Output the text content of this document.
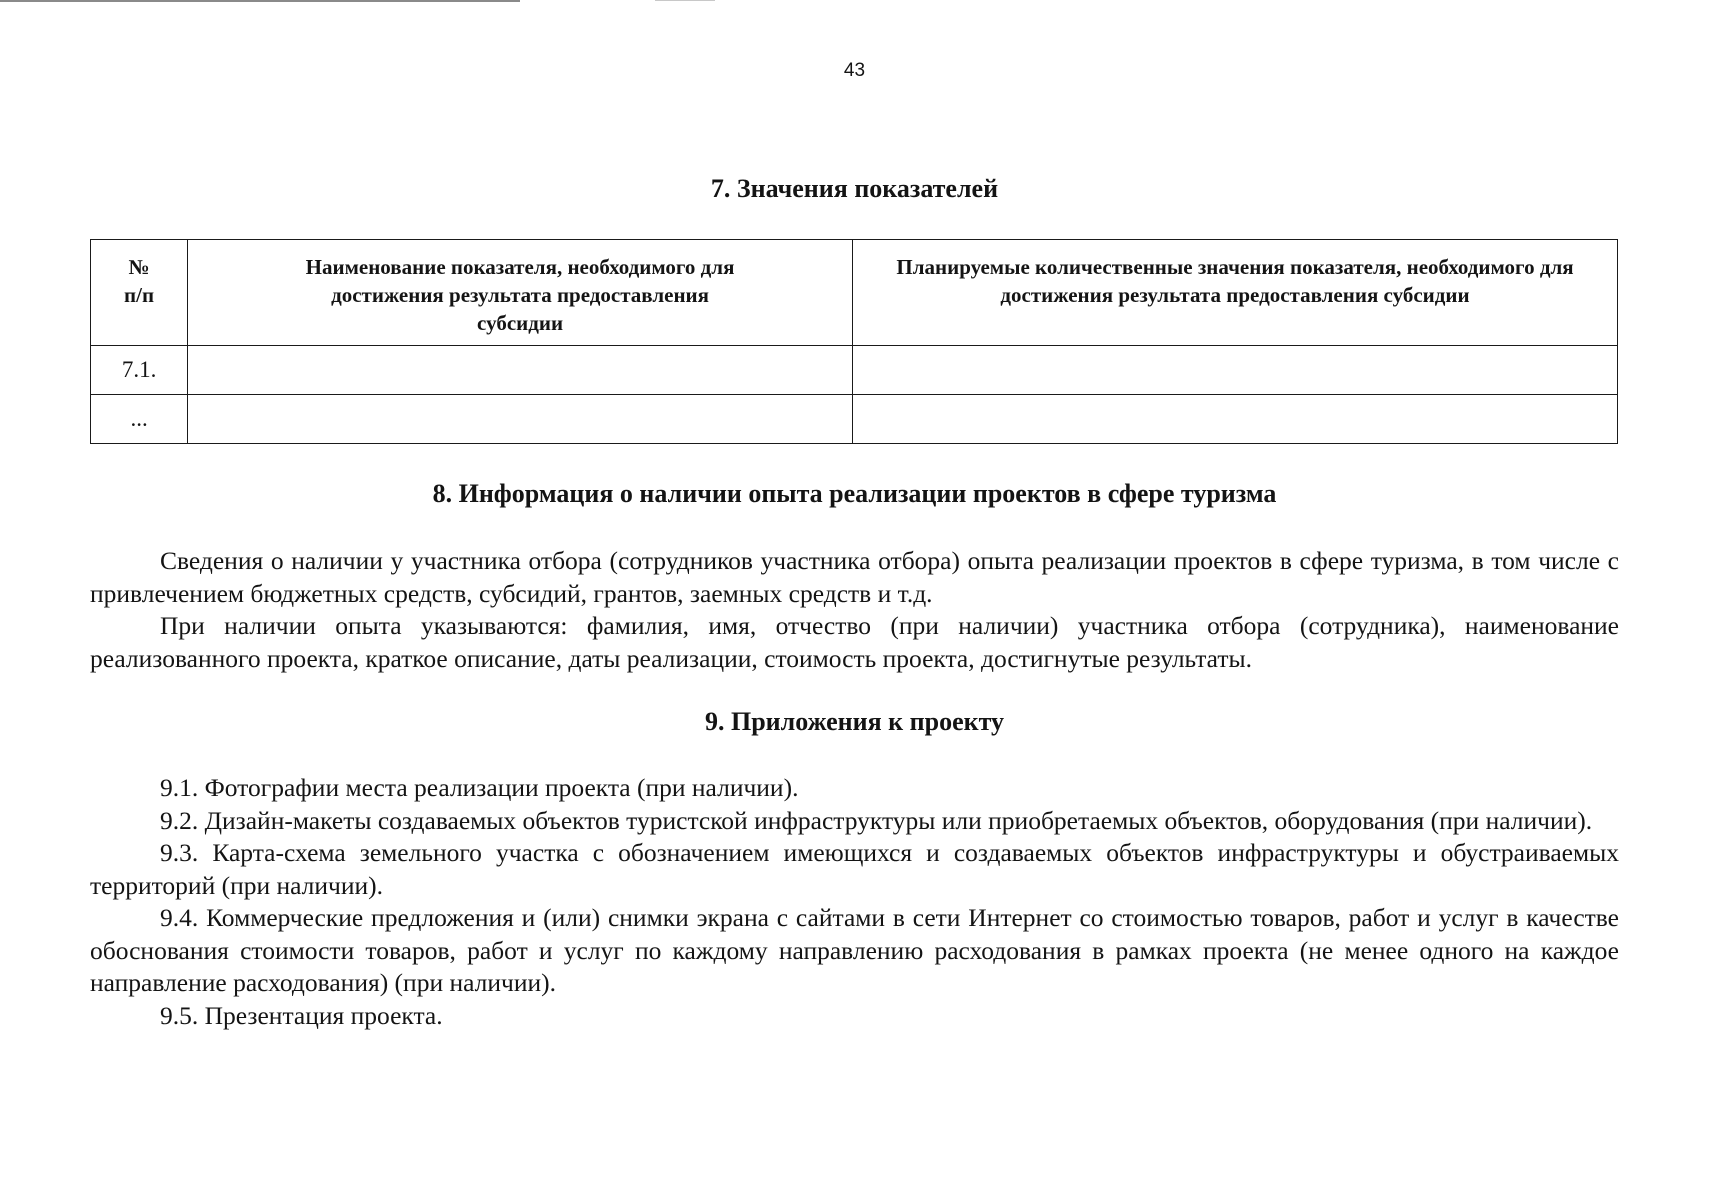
43
7. Значения показателей
№ п/п	Наименование показателя, необходимого для достижения результата предоставления субсидии	Планируемые количественные значения показателя, необходимого для достижения результата предоставления субсидии
7.1.		
...		
8. Информация о наличии опыта реализации проектов в сфере туризма

Сведения о наличии у участника отбора (сотрудников участника отбора) опыта реализации проектов в сфере туризма, в том числе с привлечением бюджетных средств, субсидий, грантов, заемных средств и т.д.

При наличии опыта указываются: фамилия, имя, отчество (при наличии) участника отбора (сотрудника), наименование реализованного проекта, краткое описание, даты реализации, стоимость проекта, достигнутые результаты.

9. Приложения к проекту

9.1. Фотографии места реализации проекта (при наличии).

9.2. Дизайн-макеты создаваемых объектов туристской инфраструктуры или приобретаемых объектов, оборудования (при наличии).

9.3. Карта-схема земельного участка с обозначением имеющихся и создаваемых объектов инфраструктуры и обустраиваемых территорий (при наличии).

9.4. Коммерческие предложения и (или) снимки экрана с сайтами в сети Интернет со стоимостью товаров, работ и услуг в качестве обоснования стоимости товаров, работ и услуг по каждому направлению расходования в рамках проекта (не менее одного на каждое направление расходования) (при наличии).

9.5. Презентация проекта.
